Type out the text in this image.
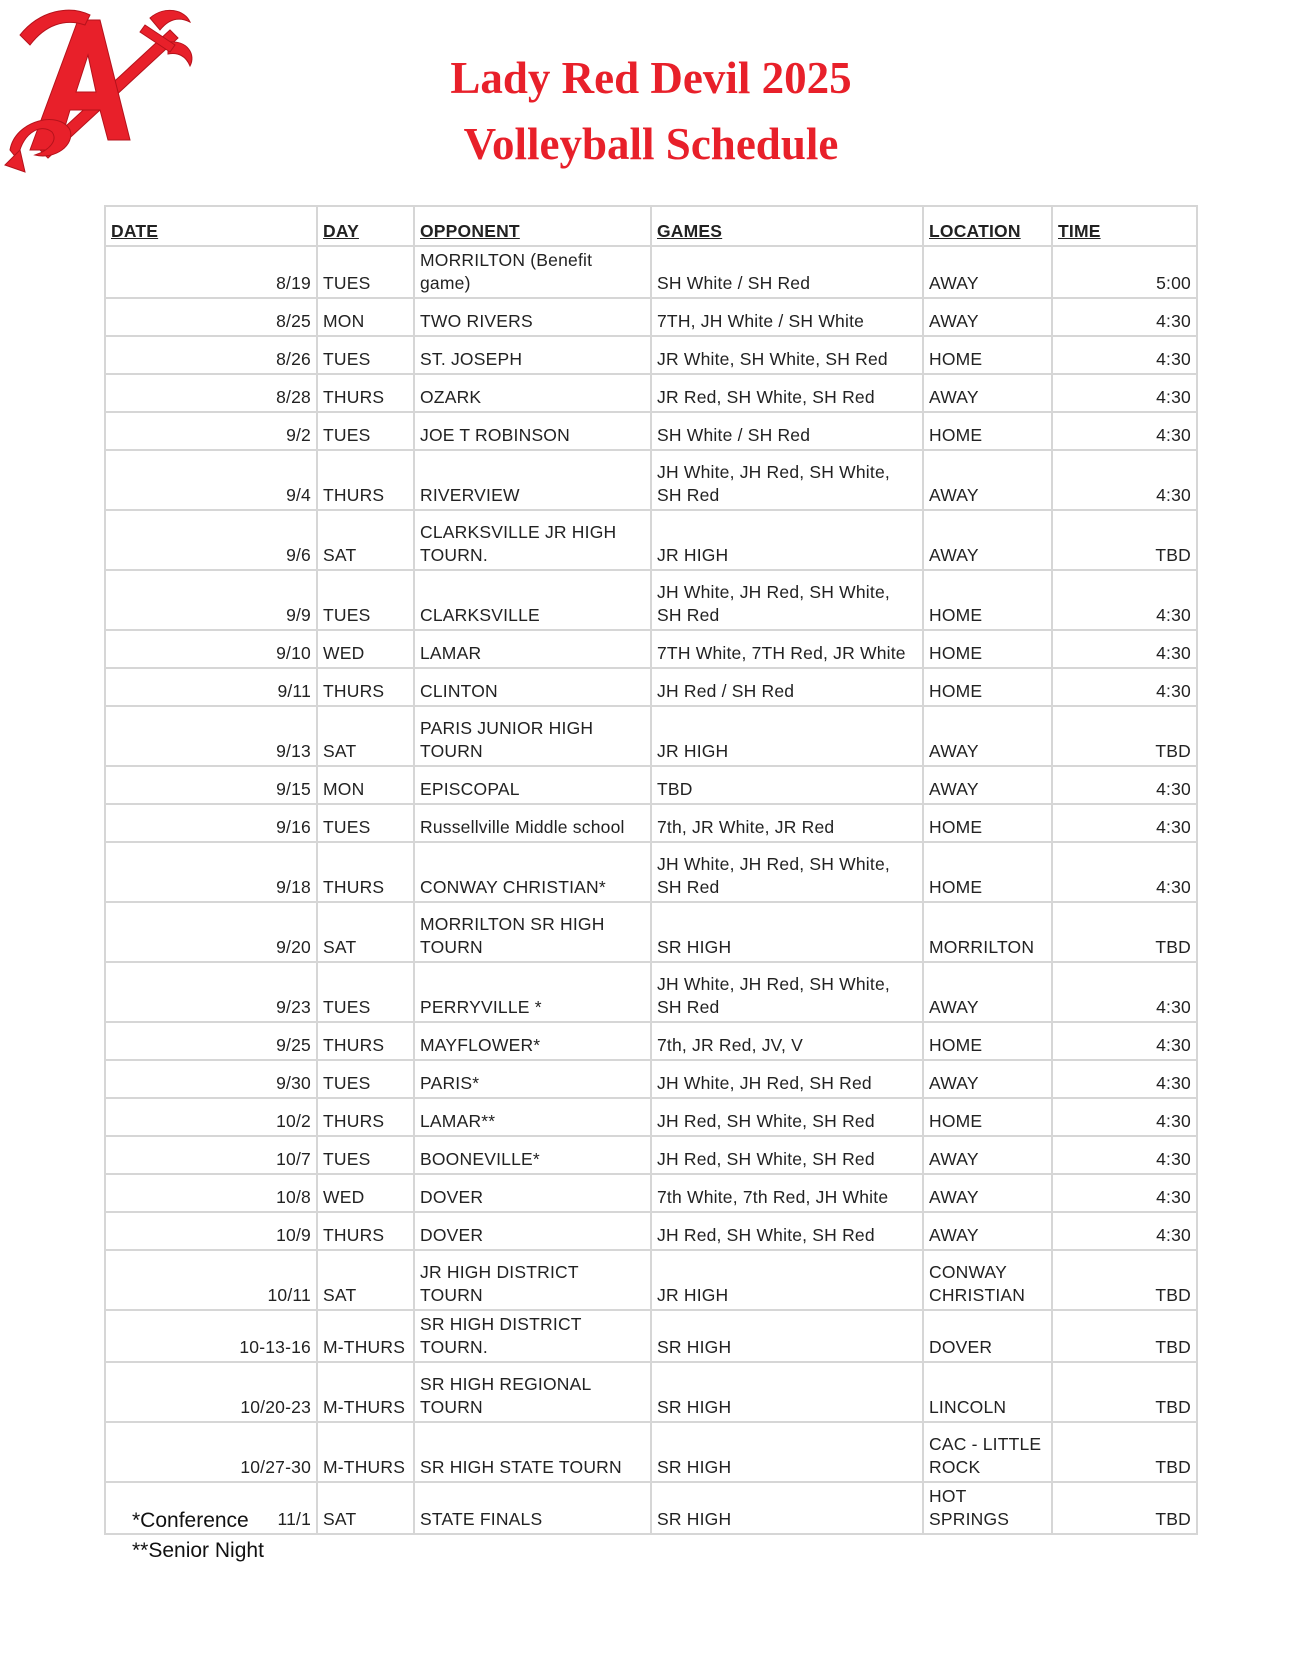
Lady Red Devil 2025
Volleyball Schedule
DATE	DAY	OPPONENT	GAMES	LOCATION	TIME
8/19	TUES	MORRILTON (Benefit game)	SH White / SH Red	AWAY	5:00
8/25	MON	TWO RIVERS	7TH, JH White / SH White	AWAY	4:30
8/26	TUES	ST. JOSEPH	JR White, SH White, SH Red	HOME	4:30
8/28	THURS	OZARK	JR Red, SH White, SH Red	AWAY	4:30
9/2	TUES	JOE T ROBINSON	SH White / SH Red	HOME	4:30
9/4	THURS	RIVERVIEW	JH White, JH Red, SH White, SH Red	AWAY	4:30
9/6	SAT	CLARKSVILLE JR HIGH TOURN.	JR HIGH	AWAY	TBD
9/9	TUES	CLARKSVILLE	JH White, JH Red, SH White, SH Red	HOME	4:30
9/10	WED	LAMAR	7TH White, 7TH Red, JR White	HOME	4:30
9/11	THURS	CLINTON	JH Red / SH Red	HOME	4:30
9/13	SAT	PARIS JUNIOR HIGH TOURN	JR HIGH	AWAY	TBD
9/15	MON	EPISCOPAL	TBD	AWAY	4:30
9/16	TUES	Russellville Middle school	7th, JR White, JR Red	HOME	4:30
9/18	THURS	CONWAY CHRISTIAN*	JH White, JH Red, SH White, SH Red	HOME	4:30
9/20	SAT	MORRILTON SR HIGH TOURN	SR HIGH	MORRILTON	TBD
9/23	TUES	PERRYVILLE *	JH White, JH Red, SH White, SH Red	AWAY	4:30
9/25	THURS	MAYFLOWER*	7th, JR Red, JV, V	HOME	4:30
9/30	TUES	PARIS*	JH White, JH Red, SH Red	AWAY	4:30
10/2	THURS	LAMAR**	JH Red, SH White, SH Red	HOME	4:30
10/7	TUES	BOONEVILLE*	JH Red, SH White, SH Red	AWAY	4:30
10/8	WED	DOVER	7th White, 7th Red, JH White	AWAY	4:30
10/9	THURS	DOVER	JH Red, SH White, SH Red	AWAY	4:30
10/11	SAT	JR HIGH DISTRICT TOURN	JR HIGH	CONWAY CHRISTIAN	TBD
10-13-16	M-THURS	SR HIGH DISTRICT TOURN.	SR HIGH	DOVER	TBD
10/20-23	M-THURS	SR HIGH REGIONAL TOURN	SR HIGH	LINCOLN	TBD
10/27-30	M-THURS	SR HIGH STATE TOURN	SR HIGH	CAC - LITTLE ROCK	TBD
11/1	SAT	STATE FINALS	SR HIGH	HOT SPRINGS	TBD
*Conference
**Senior Night
